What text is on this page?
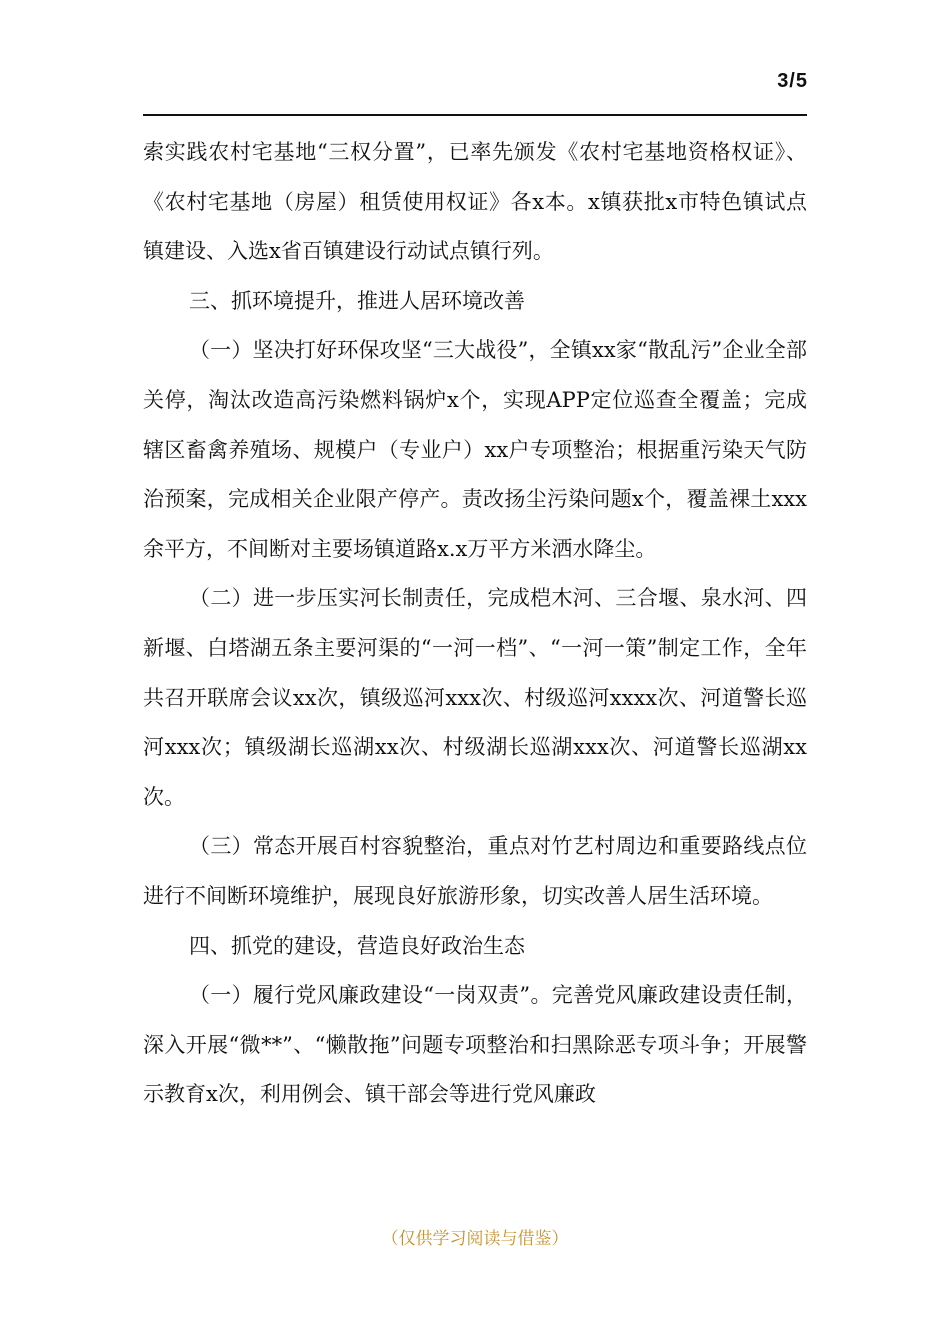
3/5

索实践农村宅基地“三权分置”，已率先颁发《农村宅基地资格权证》、《农村宅基地（房屋）租赁使用权证》各x本。x镇获批x市特色镇试点镇建设、入选x省百镇建设行动试点镇行列。

三、抓环境提升，推进人居环境改善

（一）坚决打好环保攻坚“三大战役”，全镇xx家“散乱污”企业全部关停，淘汰改造高污染燃料锅炉x个，实现APP定位巡查全覆盖；完成辖区畜禽养殖场、规模户（专业户）xx户专项整治；根据重污染天气防治预案，完成相关企业限产停产。责改扬尘污染问题x个，覆盖裸土xxx余平方，不间断对主要场镇道路x.x万平方米洒水降尘。

（二）进一步压实河长制责任，完成桤木河、三合堰、泉水河、四新堰、白塔湖五条主要河渠的“一河一档”、“一河一策”制定工作，全年共召开联席会议xx次，镇级巡河xxx次、村级巡河xxxx次、河道警长巡河xxx次；镇级湖长巡湖xx次、村级湖长巡湖xxx次、河道警长巡湖xx次。

（三）常态开展百村容貌整治，重点对竹艺村周边和重要路线点位进行不间断环境维护，展现良好旅游形象，切实改善人居生活环境。

四、抓党的建设，营造良好政治生态

（一）履行党风廉政建设“一岗双责”。完善党风廉政建设责任制，深入开展“微**”、“懒散拖”问题专项整治和扫黑除恶专项斗争；开展警示教育x次，利用例会、镇干部会等进行党风廉政

（仅供学习阅读与借鉴）
